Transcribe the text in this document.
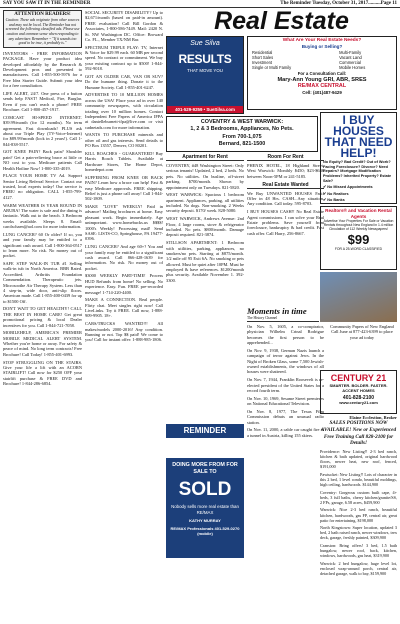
SAY YOU SAW IT IN THE REMINDER	The Reminder Tuesday, October 31, 2017..........Page 11
ATTENTION READERS!

Caution: These ads originate from other sources and may not be local. The Reminder has not screened the following classified ads. Please use caution and common sense when responding to any advertiser. Remember ~ "If it sounds too good to be true, it probably is."

INVENTORS - FREE INFORMATION PACKAGE. Have your product idea developed affordably by the Research & Development pros and presented to manufacturers. Call 1-855-500-5976 for a Free Idea Starter Guide. Submit your idea for a free consultation.

LIFE ALERT, 24/7. One press of a button sends help FAST! Medical, Fire, Burglar. Even if you can't reach a phone! FREE Brochure. Call 1-800-457-1917.

COMCAST HI-SPEED INTERNET. $39.99/month (for 12 months). No term agreement. Fast downloads! PLUS ask about our Triple Play (TV-Voice-Internet) for $89.99/month (lock in 2 years!). Call 1-844-838-5517.

GOT KNEE PAIN? Back pain? Shoulder pain? Get a pain-relieving brace at little or NO cost to you. Medicare patients Call Health Hotline Now! 1-800-335-4019.

PLACE YOUR HOME TV Ad. Support Senior Living Referral Service: Contact our trusted, local experts today! Our service is FREE/ no obligation. CALL 1-855-799-4127.

WARM WEATHER IS YEAR ROUND IN ARUBA! The water is safe and the dining is fantastic. Walk out to the beach. 3 Bedroom weeks available. Sleeps 8. Email: carolschaen@aol.com for more information.

LUNG CANCER? 60 Or older? If so, you and your family may be entitled to a significant cash award. Call 1-800-364-0517 to learn more. No risk. No money out of pocket.

SAFE STEP WALK-IN TUB #1 Selling walk-in tub in North America. BBB Rated. Accredited. Arthritis Foundation Commendation. Therapeutic jets. Microsoothe Air Therapy System. Less than 4 step-in, wide door, anti-slip floors. American made. Call 1-855-400-0439 for up to $1500 Off.

DON'T WAIT TO GET HEALTHY! CALL THE BEST IN HOME CARE! Get great promotional pricing & local Dealer incentives for you. Call 1-844-721-7058.

MOBILEHELP, AMERICA'S PREMIER MOBILE MEDICAL ALERT SYSTEM. Whether you're home or away. For safety & peace of mind. No long term contracts! Free Brochure! Call Today! 1-855-401-6993.

STOP STRUGGLING ON THE STAIRS. Give your life a lift with an ACORN STAIRLIFT! Call now for $250 OFF your stairlift purchase & FREE DVD and Brochure! 1-844-286-6854.

SOCIAL SECURITY DISABILITY? Up to $2,671/month (based on paid-in amount). FREE evaluation! Call Bill Gordon & Associates, 1-800-586-7449. Mail: 2420 N. St. NW Washington DC. Office: Broward Co. FL., Member TX/NM Bar.

SPECTRUM TRIPLE PLAY: TV, Internet & Voice for $29.99 each. 60 MB per second speed. No contract or commitment. We buy your existing contract up to $500! 1-844-592-9018.

GOT AN OLDER CAR, VAN OR SUV? Do the humane thing. Donate it to the Humane Society. Call 1-855-401-6247.

ADVERTISE TO 10 MILLION HOMES across the USA! Place your ad in over 140 community newspapers, with circulation totaling over 10 million homes. Contact Independent Free Papers of America IFPA at danielleburnett-ifpa@live.com or visit cadnetads.com for more information.

WANTS TO PURCHASE minerals and other oil and gas interests. Send details to PO Box 13557, Denver, CO 80201.

KILL ROACHES - GUARANTEED! Buy Harris Roach Tablets. Available at Hardware Stores, The Home Depot, homedepot.com

SUFFERING FROM KNEE OR BACK PAIN? Learn how a brace can help! Fast & easy Medicare approvals. FREE shipping. Relief is just a phone call away! Call 1-844-502-1809.

MAKE "LOVE" WEEKLY! Paid in advance! Mailing brochures at home. Easy pleasant work. Begin immediately. Age unimportant. www.homebucks.us $$$$! 1000's Weekly! Processing mail! Send SASE: LISTS-CO, Springhouse, PA 19477-0396.

LUNG CANCER? And age 60+? You and your family may be entitled to a significant cash award. Call 866-428-1639 for information. No risk. No money out of pocket.

$3000 WEEKLY PART-TIME! Process HUD Refunds from home! No selling. No experience. Easy. Fun. FREE pre-recorded message! 1-714-220-4400.

MAKE A CONNECTION. Real people. Flirty chat. Meet singles right now! Call LiveLinks. Try it FREE. Call now, 1-888-909-9905. 18+.

CARS/TRUCKS WANTED!!! All makes/models 2000-2016! Any condition. Running or not. Top $$ paid! We come to you! Call for instant offer: 1-888-985-1806.

Real Estate
Sue Silva
RESULTS
THAT MOVE YOU
401-529-9259 • SueSilva.com
What Are Your Real Estate Needs?
Buying or Selling?
Residential	Multi-Family
Short Sales	Vacant Land
Investment	Commercial
Single or Multi Family	Mobile Homes
For a Consultation Call:
Mary-Ann Young GRI, ABR, SRES
RE/MAX CENTRAL
Cell: (401)487-9429
COVENTRY & WEST WARWICK:
1, 2 & 3 Bedrooms, Appliances, No Pets.
From 700-1,075
Bernard, 821-1500
I BUY HOUSES THAT NEED HELP!
No Equity? Bad Credit? Out of Work? Facing Foreclosure? Divorce? Need Repairs? Mortgage Modification Problems? Inherited Property? Estate Sale?
✔ No Missed Appointments
✔ No Realtors
✔ No Banks
Apartment for Rent

COVENTRY, #48 Washington Street: Only serious tenants! Updated, 2 bed, 2 beds. No pets. No utilities. On busline, off-street parking. $700/month. Shown by appointment only on Tuesdays. 821-5820.

WEST WARWICK: Spacious 1 bedroom apartment. Appliances, parking, all utilities included. No dogs. Non-smoking. 2 Weeks security deposit. $170/ week. 828-5080.

WEST WARWICK, Andrews Avenue: 2nd Floor, 4 large rooms, stove & refrigerator included. No pets. $800/month. Damage deposit required. 821-3874.

STILLSON APARTMENT: 1 Bedroom with utilities, parking, appliances, no smokers/no pets. Starting at $875/month. 1/2 mile off 95 Exit 6A. No smoking or pets allowed. Must be quiet after 10PM. Must be employed & have references. $1200/month plus security. Available November 1. 392-3300.

REMINDER
DOING MORE FROM FOR SALE TO
SOLD
Nobody sells more real estate than RE/MAX
KATHY MURRAY
RE/MAX Professionals 401-529-0270 (mobile)
Room For Rent

PHENIX HOTEL, 18 Highland Street, West Warwick: Monthly $450; $23-$636 between Noon-5PM or 241-5185.

Real Estate Wanted

We Buy UNWANTED HOUSES Fast! Offer in 48 Hrs. CASH...Any situation. Any condition. Call today. 595-8703.

I BUY HOUSES CASH!! No Real Estate Agent commissions. I can solve your Real Estate problems. Save yourself from foreclosure, bankruptcy & bad credit. Fast cash offer. Call Harry, 256-8667.

Moments in time
The History Channel

On Nov. 5, 1605, a co-conspirator, physician Wilhelm Crinal Rodrigue becomes the first person to be apprehended...

On Nov. 9, 1938, German Nazis launch a campaign of terror against Jews. In the Night of Broken Glass, some 7,500 Jewish-owned establishments, the windows of all houses were shattered.

On Nov. 7, 1944, Franklin Roosevelt is re-elected president of the United States for a record fourth term.

On Nov. 10, 1969, Sesame Street premieres on National Educational Television.

On Nov. 8, 1977, The Texas Film Commission debuts an unusual radio station.

On Nov. 11, 2000, a cable car caught fire in a tunnel in Austria, killing 155 skiers.

Realtors® and Vacation Rental Agents
Advertise Your Properties For Sale or Vacation Rentals throughout New England in 1.4 million Circulation of 112 Weekly Newspapers!
$99
FOR A 25-WORD CLASSIFIED

Community Papers of New England Call June at 877-423-6399 to place your ad today

CENTURY 21
SMARTER. BOLDER. FASTER.
ACCENT HOMES
401-828-2100
www.century21.com
Elaine Ecclestion, Broker
SALES POSITIONS NOW AVAILABLE! New or Experienced Free Training Call 828-2100 for Details!

Providence: New Listing!! 2-3 bed ranch, kitchen & bath updated, original hardwood floors, newer heat, new roof, fenced, $191,000

Pawtucket: New Listing!! Lots of character in this 2 bed, 1 level condo, beautiful moldings, high ceiling, hardwoods. $144,900

Coventry: Gorgeous custom built cape, 4+ beds, 3 full baths, cherry kitchen/granite/SS, 2 FPs, garage, 6.58 acres, $459,900

Warwick: Nice 2-3 bed ranch, beautiful kitchen, hardwoods, gas FP, central air, great patio for entertaining, $198,000

North Kingstown: Super location, updated 3 bed, 2 bath raised ranch, newer windows, trex deck, garage, freshly painted, $309,900

Cranston: Bring offers! 3 bed, 1.5 bath bungalow, newer roof, back, kitchen, windows, hardwoods, gas heat, $319,900

Warwick: 2 bed bungalow, huge level lot, enclosed wrap-around porch, central air, detached garage, walk to bay, $159,900
